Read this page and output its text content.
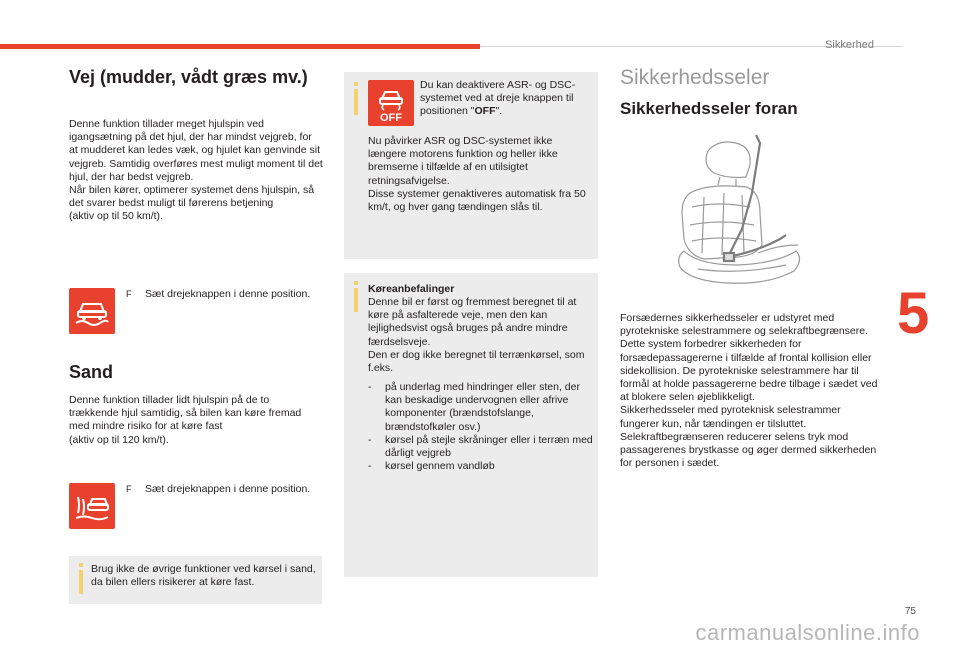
Sikkerhed
5
Vej (mudder, vådt græs mv.)

Denne funktion tillader meget hjulspin ved igangsætning på det hjul, der har mindst vejgreb, for at mudderet kan ledes væk, og hjulet kan genvinde sit vejgreb. Samtidig overføres mest muligt moment til det hjul, der har bedst vejgreb.
Når bilen kører, optimerer systemet dens hjulspin, så det svarer bedst muligt til førerens betjening
(aktiv op til 50 km/t).

F	Sæt drejeknappen i denne position.
Sand

Denne funktion tillader lidt hjulspin på de to trækkende hjul samtidig, så bilen kan køre fremad med mindre risiko for at køre fast
(aktiv op til 120 km/t).

F	Sæt drejeknappen i denne position.

Brug ikke de øvrige funktioner ved kørsel i sand, da bilen ellers risikerer at køre fast.

OFF

Du kan deaktivere ASR- og DSC-systemet ved at dreje knappen til positionen "OFF".

Nu påvirker ASR og DSC-systemet ikke længere motorens funktion og heller ikke bremserne i tilfælde af en utilsigtet retningsafvigelse.
Disse systemer genaktiveres automatisk fra 50 km/t, og hver gang tændingen slås til.

Køreanbefalinger

Denne bil er først og fremmest beregnet til at køre på asfalterede veje, men den kan lejlighedsvist også bruges på andre mindre færdselsveje.
Den er dog ikke beregnet til terrænkørsel, som f.eks.

- på underlag med hindringer eller sten, der kan beskadige undervognen eller afrive komponenter (brændstofslange, brændstofkøler osv.)
- kørsel på stejle skråninger eller i terræn med dårligt vejgreb
- kørsel gennem vandløb
Sikkerhedsseler
Sikkerhedsseler foran

Forsædernes sikkerhedsseler er udstyret med pyrotekniske selestrammere og selekraftbegrænsere.
Dette system forbedrer sikkerheden for forsædepassagererne i tilfælde af frontal kollision eller sidekollision. De pyrotekniske selestrammere har til formål at holde passagererne bedre tilbage i sædet ved at blokere selen øjeblikkeligt.
Sikkerhedsseler med pyroteknisk selestrammer fungerer kun, når tændingen er tilsluttet.
Selekraftbegrænseren reducerer selens tryk mod passagerenes brystkasse og øger dermed sikkerheden for personen i sædet.

75
carmanualsonline.info
